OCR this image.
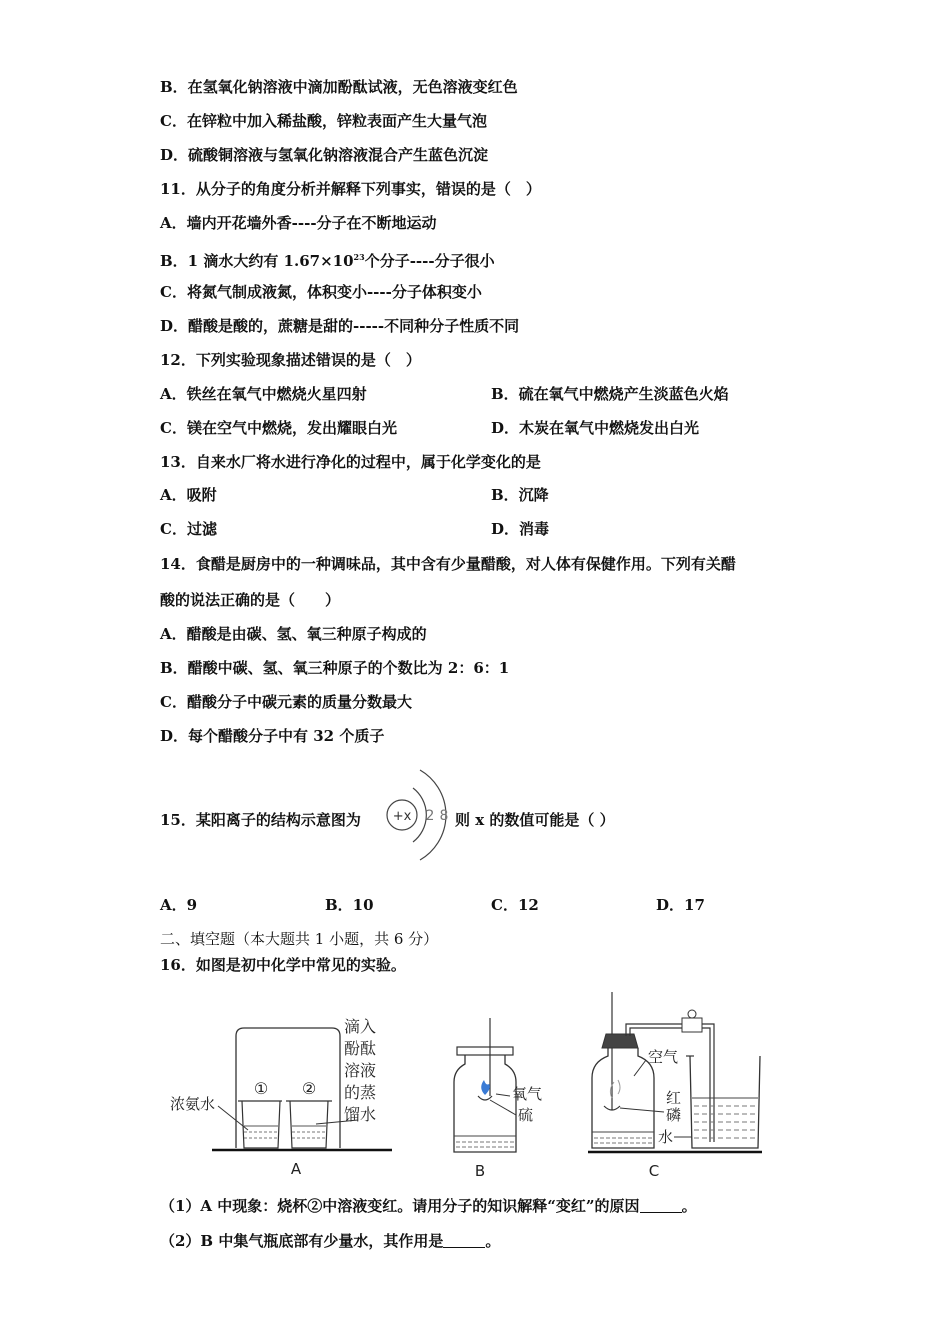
B．在氢氧化钠溶液中滴加酚酞试液，无色溶液变红色
C．在锌粒中加入稀盐酸，锌粒表面产生大量气泡
D．硫酸铜溶液与氢氧化钠溶液混合产生蓝色沉淀
11．从分子的角度分析并解释下列事实，错误的是（　）
A．墙内开花墙外香----分子在不断地运动
B．1 滴水大约有 $1.67\times 10^{23}$个分子----分子很小
C．将氮气制成液氮，体积变小----分子体积变小
D．醋酸是酸的，蔗糖是甜的-----不同种分子性质不同
12．下列实验现象描述错误的是（　）
A．铁丝在氧气中燃烧火星四射	B．硫在氧气中燃烧产生淡蓝色火焰
C．镁在空气中燃烧，发出耀眼白光	D．木炭在氧气中燃烧发出白光
13．自来水厂将水进行净化的过程中，属于化学变化的是
A．吸附	B．沉降
C．过滤	D．消毒
14．食醋是厨房中的一种调味品，其中含有少量醋酸，对人体有保健作用。下列有关醋
酸的说法正确的是（　　）
A．醋酸是由碳、氢、氧三种原子构成的
B．醋酸中碳、氢、氧三种原子的个数比为 2：6：1
C．醋酸分子中碳元素的质量分数最大
D．每个醋酸分子中有 32 个质子
15．某阳离子的结构示意图为 +x 2 8 则 x 的数值可能是（ ）
A．9	B．10	C．12	D．17
二、填空题（本大题共 1 小题，共 6 分）
16．如图是初中化学中常见的实验。
① ②
浓氨水
滴入酚酞溶液的蒸馏水
A
氧气
硫
B
空气
红
磷
水
C
（1）A 中现象：烧杯②中溶液变红。请用分子的知识解释“变红”的原因	。
（2）B 中集气瓶底部有少量水，其作用是	。
